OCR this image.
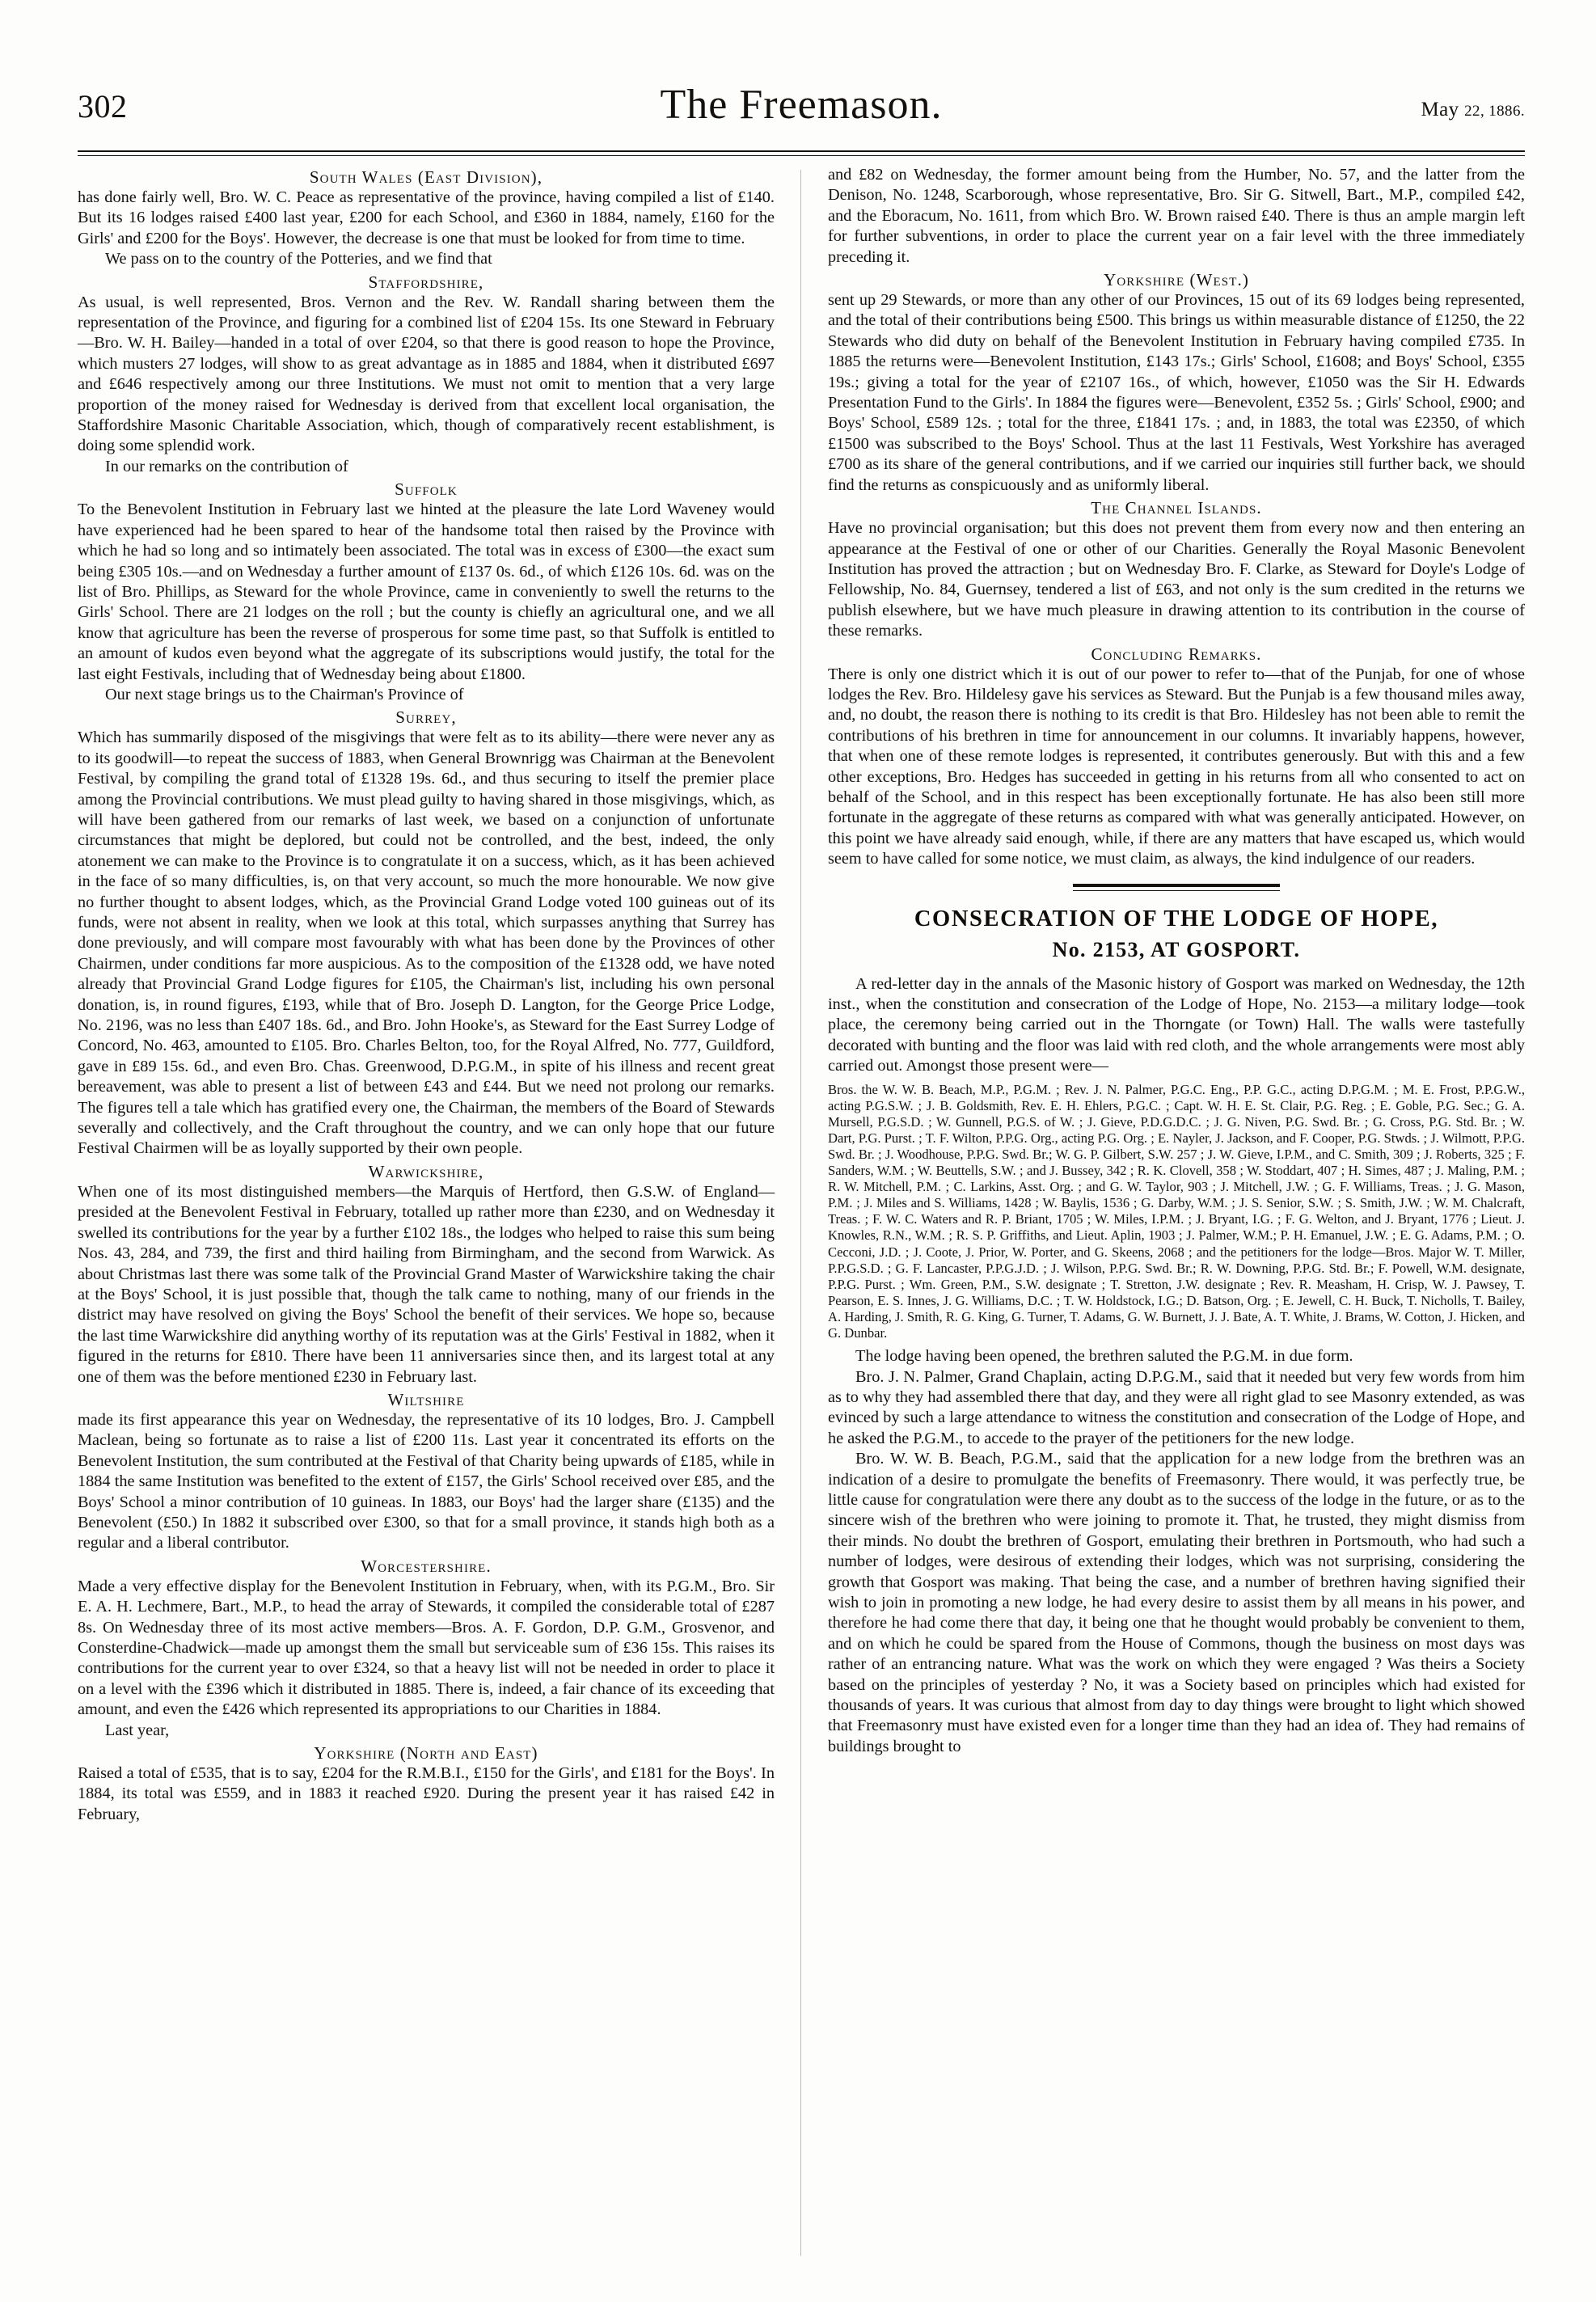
302	The Freemason.	May 22, 1886.
South Wales (East Division),

has done fairly well, Bro. W. C. Peace as representative of the province, having compiled a list of £140. But its 16 lodges raised £400 last year, £200 for each School, and £360 in 1884, namely, £160 for the Girls' and £200 for the Boys'. However, the decrease is one that must be looked for from time to time.

We pass on to the country of the Potteries, and we find that

Staffordshire,

As usual, is well represented, Bros. Vernon and the Rev. W. Randall sharing between them the representation of the Province, and figuring for a combined list of £204 15s. Its one Steward in February—Bro. W. H. Bailey—handed in a total of over £204, so that there is good reason to hope the Province, which musters 27 lodges, will show to as great advantage as in 1885 and 1884, when it distributed £697 and £646 respectively among our three Institutions. We must not omit to mention that a very large proportion of the money raised for Wednesday is derived from that excellent local organisation, the Staffordshire Masonic Charitable Association, which, though of comparatively recent establishment, is doing some splendid work.

In our remarks on the contribution of

Suffolk

To the Benevolent Institution in February last we hinted at the pleasure the late Lord Waveney would have experienced had he been spared to hear of the handsome total then raised by the Province with which he had so long and so intimately been associated. The total was in excess of £300—the exact sum being £305 10s.—and on Wednesday a further amount of £137 0s. 6d., of which £126 10s. 6d. was on the list of Bro. Phillips, as Steward for the whole Province, came in conveniently to swell the returns to the Girls' School. There are 21 lodges on the roll ; but the county is chiefly an agricultural one, and we all know that agriculture has been the reverse of prosperous for some time past, so that Suffolk is entitled to an amount of kudos even beyond what the aggregate of its subscriptions would justify, the total for the last eight Festivals, including that of Wednesday being about £1800.

Our next stage brings us to the Chairman's Province of

Surrey,

Which has summarily disposed of the misgivings that were felt as to its ability—there were never any as to its goodwill—to repeat the success of 1883, when General Brownrigg was Chairman at the Benevolent Festival, by compiling the grand total of £1328 19s. 6d., and thus securing to itself the premier place among the Provincial contributions. We must plead guilty to having shared in those misgivings, which, as will have been gathered from our remarks of last week, we based on a conjunction of unfortunate circumstances that might be deplored, but could not be controlled, and the best, indeed, the only atonement we can make to the Province is to congratulate it on a success, which, as it has been achieved in the face of so many difficulties, is, on that very account, so much the more honourable. We now give no further thought to absent lodges, which, as the Provincial Grand Lodge voted 100 guineas out of its funds, were not absent in reality, when we look at this total, which surpasses anything that Surrey has done previously, and will compare most favourably with what has been done by the Provinces of other Chairmen, under conditions far more auspicious. As to the composition of the £1328 odd, we have noted already that Provincial Grand Lodge figures for £105, the Chairman's list, including his own personal donation, is, in round figures, £193, while that of Bro. Joseph D. Langton, for the George Price Lodge, No. 2196, was no less than £407 18s. 6d., and Bro. John Hooke's, as Steward for the East Surrey Lodge of Concord, No. 463, amounted to £105. Bro. Charles Belton, too, for the Royal Alfred, No. 777, Guildford, gave in £89 15s. 6d., and even Bro. Chas. Greenwood, D.P.G.M., in spite of his illness and recent great bereavement, was able to present a list of between £43 and £44. But we need not prolong our remarks. The figures tell a tale which has gratified every one, the Chairman, the members of the Board of Stewards severally and collectively, and the Craft throughout the country, and we can only hope that our future Festival Chairmen will be as loyally supported by their own people.

Warwickshire,

When one of its most distinguished members—the Marquis of Hertford, then G.S.W. of England—presided at the Benevolent Festival in February, totalled up rather more than £230, and on Wednesday it swelled its contributions for the year by a further £102 18s., the lodges who helped to raise this sum being Nos. 43, 284, and 739, the first and third hailing from Birmingham, and the second from Warwick. As about Christmas last there was some talk of the Provincial Grand Master of Warwickshire taking the chair at the Boys' School, it is just possible that, though the talk came to nothing, many of our friends in the district may have resolved on giving the Boys' School the benefit of their services. We hope so, because the last time Warwickshire did anything worthy of its reputation was at the Girls' Festival in 1882, when it figured in the returns for £810. There have been 11 anniversaries since then, and its largest total at any one of them was the before mentioned £230 in February last.

Wiltshire

made its first appearance this year on Wednesday, the representative of its 10 lodges, Bro. J. Campbell Maclean, being so fortunate as to raise a list of £200 11s. Last year it concentrated its efforts on the Benevolent Institution, the sum contributed at the Festival of that Charity being upwards of £185, while in 1884 the same Institution was benefited to the extent of £157, the Girls' School received over £85, and the Boys' School a minor contribution of 10 guineas. In 1883, our Boys' had the larger share (£135) and the Benevolent (£50.) In 1882 it subscribed over £300, so that for a small province, it stands high both as a regular and a liberal contributor.

Worcestershire.

Made a very effective display for the Benevolent Institution in February, when, with its P.G.M., Bro. Sir E. A. H. Lechmere, Bart., M.P., to head the array of Stewards, it compiled the considerable total of £287 8s. On Wednesday three of its most active members—Bros. A. F. Gordon, D.P. G.M., Grosvenor, and Consterdine-Chadwick—made up amongst them the small but serviceable sum of £36 15s. This raises its contributions for the current year to over £324, so that a heavy list will not be needed in order to place it on a level with the £396 which it distributed in 1885. There is, indeed, a fair chance of its exceeding that amount, and even the £426 which represented its appropriations to our Charities in 1884.

Last year,

Yorkshire (North and East)

Raised a total of £535, that is to say, £204 for the R.M.B.I., £150 for the Girls', and £181 for the Boys'. In 1884, its total was £559, and in 1883 it reached £920. During the present year it has raised £42 in February,

and £82 on Wednesday, the former amount being from the Humber, No. 57, and the latter from the Denison, No. 1248, Scarborough, whose representative, Bro. Sir G. Sitwell, Bart., M.P., compiled £42, and the Eboracum, No. 1611, from which Bro. W. Brown raised £40. There is thus an ample margin left for further subventions, in order to place the current year on a fair level with the three immediately preceding it.

Yorkshire (West.)

sent up 29 Stewards, or more than any other of our Provinces, 15 out of its 69 lodges being represented, and the total of their contributions being £500. This brings us within measurable distance of £1250, the 22 Stewards who did duty on behalf of the Benevolent Institution in February having compiled £735. In 1885 the returns were—Benevolent Institution, £143 17s.; Girls' School, £1608; and Boys' School, £355 19s.; giving a total for the year of £2107 16s., of which, however, £1050 was the Sir H. Edwards Presentation Fund to the Girls'. In 1884 the figures were—Benevolent, £352 5s. ; Girls' School, £900; and Boys' School, £589 12s. ; total for the three, £1841 17s. ; and, in 1883, the total was £2350, of which £1500 was subscribed to the Boys' School. Thus at the last 11 Festivals, West Yorkshire has averaged £700 as its share of the general contributions, and if we carried our inquiries still further back, we should find the returns as conspicuously and as uniformly liberal.

The Channel Islands.

Have no provincial organisation; but this does not prevent them from every now and then entering an appearance at the Festival of one or other of our Charities. Generally the Royal Masonic Benevolent Institution has proved the attraction ; but on Wednesday Bro. F. Clarke, as Steward for Doyle's Lodge of Fellowship, No. 84, Guernsey, tendered a list of £63, and not only is the sum credited in the returns we publish elsewhere, but we have much pleasure in drawing attention to its contribution in the course of these remarks.

Concluding Remarks.

There is only one district which it is out of our power to refer to—that of the Punjab, for one of whose lodges the Rev. Bro. Hildelesy gave his services as Steward. But the Punjab is a few thousand miles away, and, no doubt, the reason there is nothing to its credit is that Bro. Hildesley has not been able to remit the contributions of his brethren in time for announcement in our columns. It invariably happens, however, that when one of these remote lodges is represented, it contributes generously. But with this and a few other exceptions, Bro. Hedges has succeeded in getting in his returns from all who consented to act on behalf of the School, and in this respect has been exceptionally fortunate. He has also been still more fortunate in the aggregate of these returns as compared with what was generally anticipated. However, on this point we have already said enough, while, if there are any matters that have escaped us, which would seem to have called for some notice, we must claim, as always, the kind indulgence of our readers.

CONSECRATION OF THE LODGE OF HOPE,
No. 2153, AT GOSPORT.

A red-letter day in the annals of the Masonic history of Gosport was marked on Wednesday, the 12th inst., when the constitution and consecration of the Lodge of Hope, No. 2153—a military lodge—took place, the ceremony being carried out in the Thorngate (or Town) Hall. The walls were tastefully decorated with bunting and the floor was laid with red cloth, and the whole arrangements were most ably carried out. Amongst those present were—

Bros. the W. W. B. Beach, M.P., P.G.M. ; Rev. J. N. Palmer, P.G.C. Eng., P.P. G.C., acting D.P.G.M. ; M. E. Frost, P.P.G.W., acting P.G.S.W. ; J. B. Goldsmith, Rev. E. H. Ehlers, P.G.C. ; Capt. W. H. E. St. Clair, P.G. Reg. ; E. Goble, P.G. Sec.; G. A. Mursell, P.G.S.D. ; W. Gunnell, P.G.S. of W. ; J. Gieve, P.D.G.D.C. ; J. G. Niven, P.G. Swd. Br. ; G. Cross, P.G. Std. Br. ; W. Dart, P.G. Purst. ; T. F. Wilton, P.P.G. Org., acting P.G. Org. ; E. Nayler, J. Jackson, and F. Cooper, P.G. Stwds. ; J. Wilmott, P.P.G. Swd. Br. ; J. Woodhouse, P.P.G. Swd. Br.; W. G. P. Gilbert, S.W. 257 ; J. W. Gieve, I.P.M., and C. Smith, 309 ; J. Roberts, 325 ; F. Sanders, W.M. ; W. Beuttells, S.W. ; and J. Bussey, 342 ; R. K. Clovell, 358 ; W. Stoddart, 407 ; H. Simes, 487 ; J. Maling, P.M. ; R. W. Mitchell, P.M. ; C. Larkins, Asst. Org. ; and G. W. Taylor, 903 ; J. Mitchell, J.W. ; G. F. Williams, Treas. ; J. G. Mason, P.M. ; J. Miles and S. Williams, 1428 ; W. Baylis, 1536 ; G. Darby, W.M. ; J. S. Senior, S.W. ; S. Smith, J.W. ; W. M. Chalcraft, Treas. ; F. W. C. Waters and R. P. Briant, 1705 ; W. Miles, I.P.M. ; J. Bryant, I.G. ; F. G. Welton, and J. Bryant, 1776 ; Lieut. J. Knowles, R.N., W.M. ; R. S. P. Griffiths, and Lieut. Aplin, 1903 ; J. Palmer, W.M.; P. H. Emanuel, J.W. ; E. G. Adams, P.M. ; O. Cecconi, J.D. ; J. Coote, J. Prior, W. Porter, and G. Skeens, 2068 ; and the petitioners for the lodge—Bros. Major W. T. Miller, P.P.G.S.D. ; G. F. Lancaster, P.P.G.J.D. ; J. Wilson, P.P.G. Swd. Br.; R. W. Downing, P.P.G. Std. Br.; F. Powell, W.M. designate, P.P.G. Purst. ; Wm. Green, P.M., S.W. designate ; T. Stretton, J.W. designate ; Rev. R. Measham, H. Crisp, W. J. Pawsey, T. Pearson, E. S. Innes, J. G. Williams, D.C. ; T. W. Holdstock, I.G.; D. Batson, Org. ; E. Jewell, C. H. Buck, T. Nicholls, T. Bailey, A. Harding, J. Smith, R. G. King, G. Turner, T. Adams, G. W. Burnett, J. J. Bate, A. T. White, J. Brams, W. Cotton, J. Hicken, and G. Dunbar.

The lodge having been opened, the brethren saluted the P.G.M. in due form.

Bro. J. N. Palmer, Grand Chaplain, acting D.P.G.M., said that it needed but very few words from him as to why they had assembled there that day, and they were all right glad to see Masonry extended, as was evinced by such a large attendance to witness the constitution and consecration of the Lodge of Hope, and he asked the P.G.M., to accede to the prayer of the petitioners for the new lodge.

Bro. W. W. B. Beach, P.G.M., said that the application for a new lodge from the brethren was an indication of a desire to promulgate the benefits of Freemasonry. There would, it was perfectly true, be little cause for congratulation were there any doubt as to the success of the lodge in the future, or as to the sincere wish of the brethren who were joining to promote it. That, he trusted, they might dismiss from their minds. No doubt the brethren of Gosport, emulating their brethren in Portsmouth, who had such a number of lodges, were desirous of extending their lodges, which was not surprising, considering the growth that Gosport was making. That being the case, and a number of brethren having signified their wish to join in promoting a new lodge, he had every desire to assist them by all means in his power, and therefore he had come there that day, it being one that he thought would probably be convenient to them, and on which he could be spared from the House of Commons, though the business on most days was rather of an entrancing nature. What was the work on which they were engaged ? Was theirs a Society based on the principles of yesterday ? No, it was a Society based on principles which had existed for thousands of years. It was curious that almost from day to day things were brought to light which showed that Freemasonry must have existed even for a longer time than they had an idea of. They had remains of buildings brought to
